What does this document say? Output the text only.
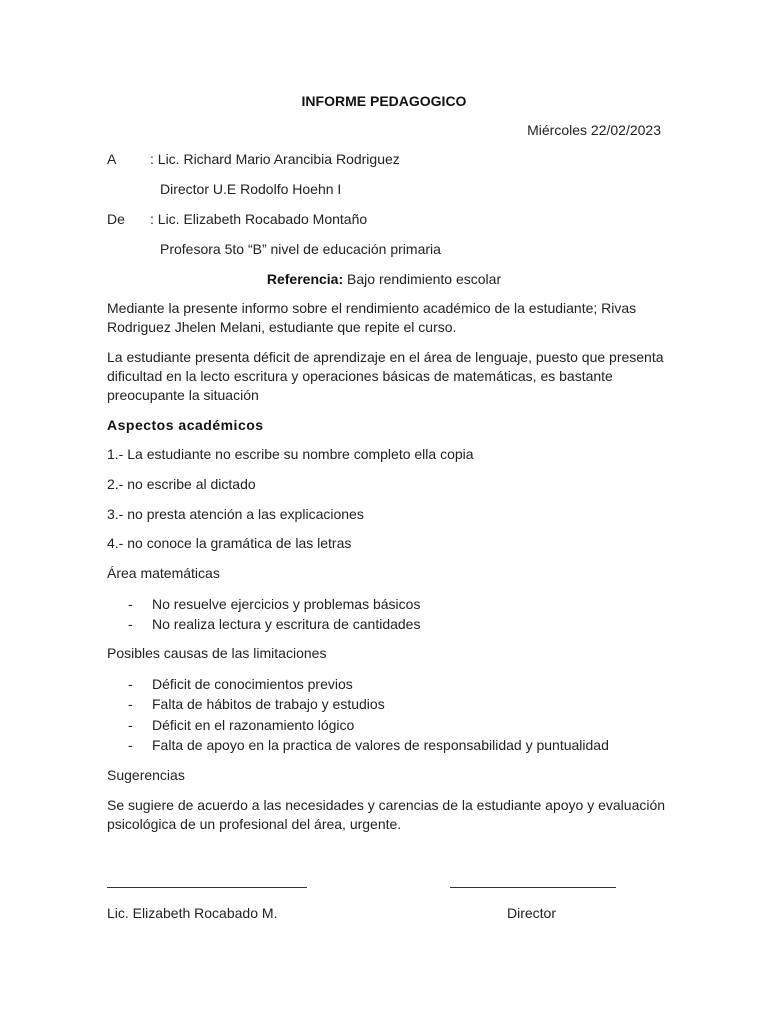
INFORME PEDAGOGICO
Miércoles 22/02/2023
A : Lic. Richard Mario Arancibia Rodriguez
Director U.E Rodolfo Hoehn I
De : Lic. Elizabeth Rocabado Montaño
Profesora 5to “B” nivel de educación primaria
Referencia: Bajo rendimiento escolar
Mediante la presente informo sobre el rendimiento académico de la estudiante; Rivas Rodriguez Jhelen Melani, estudiante que repite el curso.
La estudiante presenta déficit de aprendizaje en el área de lenguaje, puesto que presenta dificultad en la lecto escritura y operaciones básicas de matemáticas, es bastante preocupante la situación
Aspectos académicos
1.- La estudiante no escribe su nombre completo ella copia
2.- no escribe al dictado
3.- no presta atención a las explicaciones
4.- no conoce la gramática de las letras
Área matemáticas
- No resuelve ejercicios y problemas básicos
- No realiza lectura y escritura de cantidades
Posibles causas de las limitaciones
- Déficit de conocimientos previos
- Falta de hábitos de trabajo y estudios
- Déficit en el razonamiento lógico
- Falta de apoyo en la practica de valores de responsabilidad y puntualidad
Sugerencias
Se sugiere de acuerdo a las necesidades y carencias de la estudiante apoyo y evaluación psicológica de un profesional del área, urgente.
Lic. Elizabeth Rocabado M.	Director
